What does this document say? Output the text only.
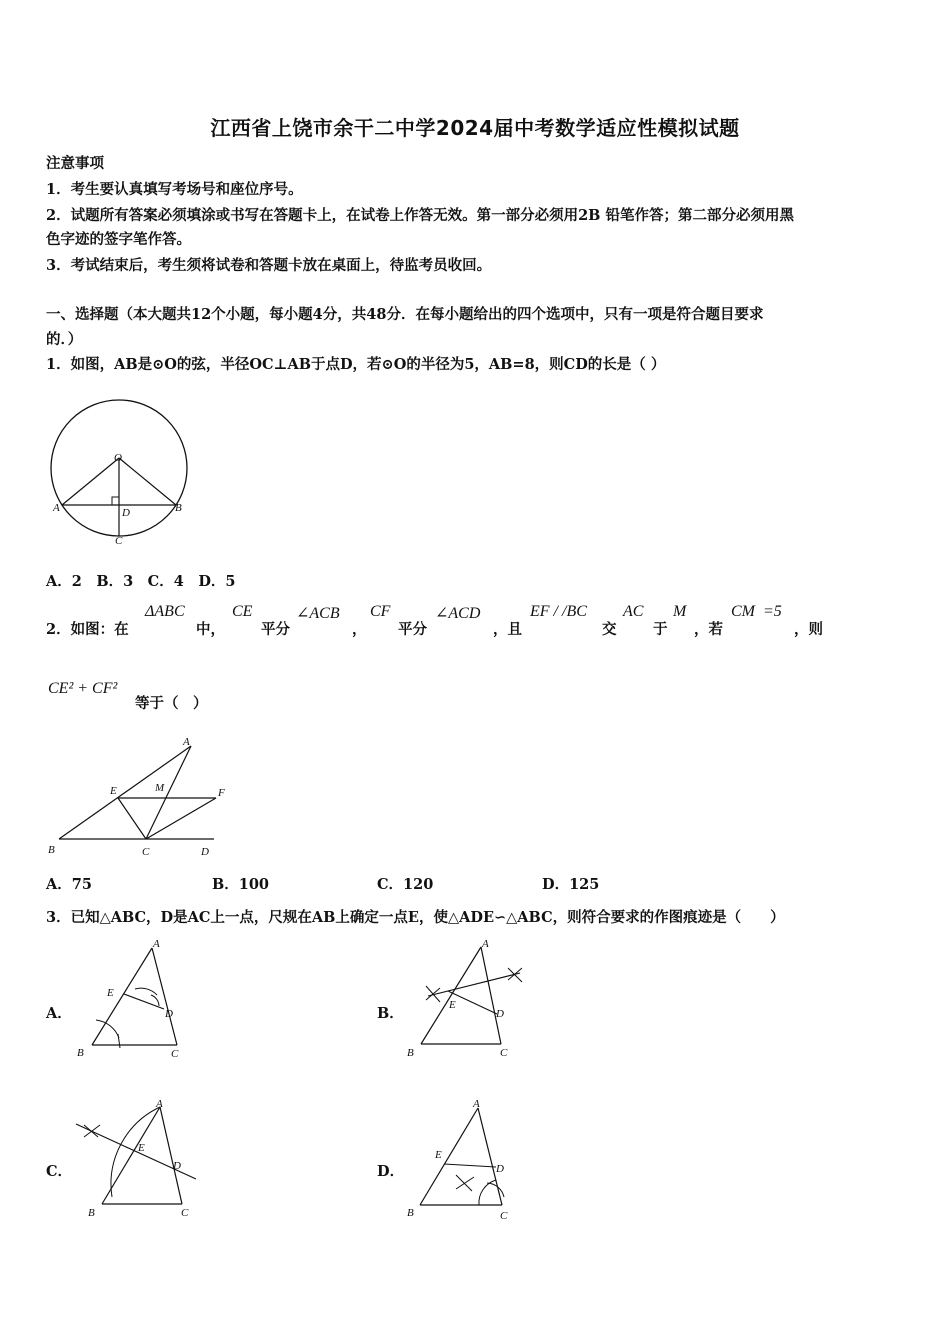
江西省上饶市余干二中学2024届中考数学适应性模拟试题
注意事项
1．考生要认真填写考场号和座位序号。
2．试题所有答案必须填涂或书写在答题卡上，在试卷上作答无效。第一部分必须用2B 铅笔作答；第二部分必须用黑
色字迹的签字笔作答。
3．考试结束后，考生须将试卷和答题卡放在桌面上，待监考员收回。
一、选择题（本大题共12个小题，每小题4分，共48分．在每小题给出的四个选项中，只有一项是符合题目要求
的．）
1．如图，AB是⊙O的弦，半径OC⊥AB于点D，若⊙O的半径为5，AB=8，则CD的长是（ ）
O
A	B
D
C
A．2　B．3　C．4　D．5
2．如图：在
ΔABC
中，
CE
平分
∠ACB
，
CF
平分
∠ACD
，且
EF / /BC
交
AC
于
M
，若
CM  =5
，则
CE² + CF²
等于（　）
A
E	M	F
B	C	D
A．75	B．100	C．120	D．125
3．已知△ABC，D是AC上一点，尺规在AB上确定一点E，使△ADE∽△ABC，则符合要求的作图痕迹是（　　）
A．
A
E
D
B	C
B．
A
E
D
B	C
C．
A
E
D
B	C
D．
A
E
D
B	C
